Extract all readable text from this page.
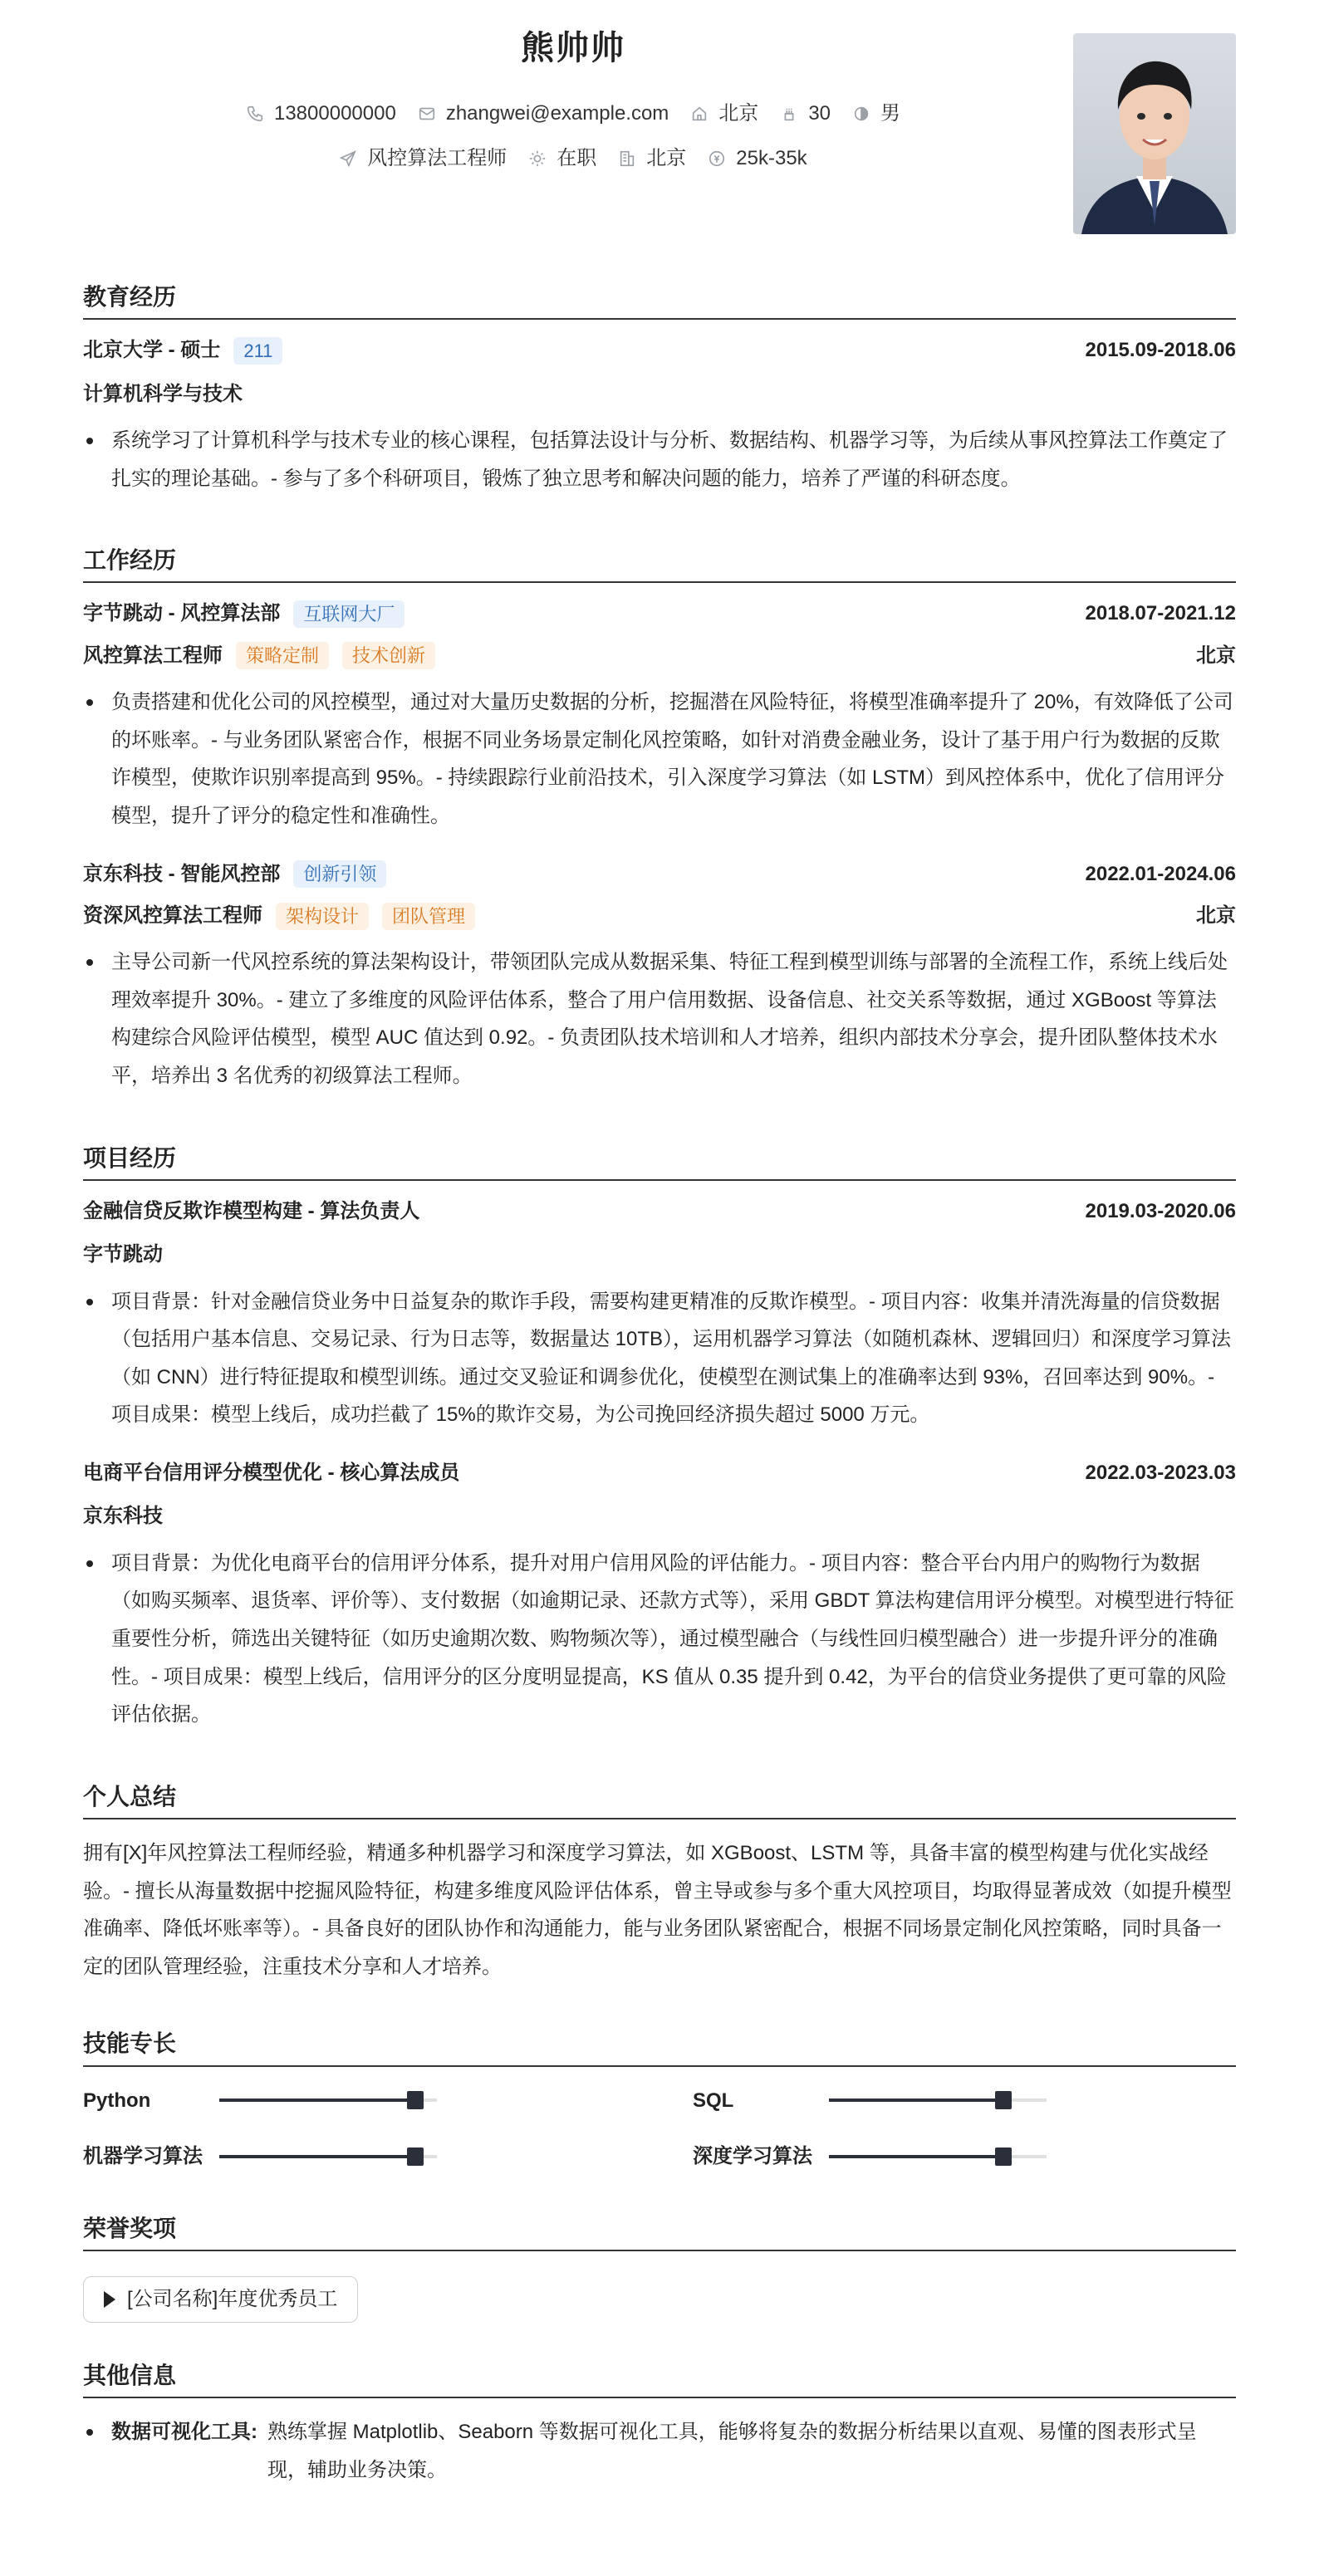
熊帅帅
13800000000	zhangwei@example.com	北京	30	男
风控算法工程师	在职	北京	25k-35k
教育经历
北京大学 - 硕士	211	2015.09-2018.06
计算机科学与技术
系统学习了计算机科学与技术专业的核心课程，包括算法设计与分析、数据结构、机器学习等，为后续从事风控算法工作奠定了扎实的理论基础。- 参与了多个科研项目，锻炼了独立思考和解决问题的能力，培养了严谨的科研态度。
工作经历
字节跳动 - 风控算法部	互联网大厂	2018.07-2021.12
风控算法工程师	策略定制	技术创新	北京
负责搭建和优化公司的风控模型，通过对大量历史数据的分析，挖掘潜在风险特征，将模型准确率提升了 20%，有效降低了公司的坏账率。- 与业务团队紧密合作，根据不同业务场景定制化风控策略，如针对消费金融业务，设计了基于用户行为数据的反欺诈模型，使欺诈识别率提高到 95%。- 持续跟踪行业前沿技术，引入深度学习算法（如 LSTM）到风控体系中，优化了信用评分模型，提升了评分的稳定性和准确性。
京东科技 - 智能风控部	创新引领	2022.01-2024.06
资深风控算法工程师	架构设计	团队管理	北京
主导公司新一代风控系统的算法架构设计，带领团队完成从数据采集、特征工程到模型训练与部署的全流程工作，系统上线后处理效率提升 30%。- 建立了多维度的风险评估体系，整合了用户信用数据、设备信息、社交关系等数据，通过 XGBoost 等算法构建综合风险评估模型，模型 AUC 值达到 0.92。- 负责团队技术培训和人才培养，组织内部技术分享会，提升团队整体技术水平，培养出 3 名优秀的初级算法工程师。
项目经历
金融信贷反欺诈模型构建 - 算法负责人	2019.03-2020.06
字节跳动
项目背景：针对金融信贷业务中日益复杂的欺诈手段，需要构建更精准的反欺诈模型。- 项目内容：收集并清洗海量的信贷数据（包括用户基本信息、交易记录、行为日志等，数据量达 10TB），运用机器学习算法（如随机森林、逻辑回归）和深度学习算法（如 CNN）进行特征提取和模型训练。通过交叉验证和调参优化，使模型在测试集上的准确率达到 93%，召回率达到 90%。- 项目成果：模型上线后，成功拦截了 15%的欺诈交易，为公司挽回经济损失超过 5000 万元。
电商平台信用评分模型优化 - 核心算法成员	2022.03-2023.03
京东科技
项目背景：为优化电商平台的信用评分体系，提升对用户信用风险的评估能力。- 项目内容：整合平台内用户的购物行为数据（如购买频率、退货率、评价等）、支付数据（如逾期记录、还款方式等），采用 GBDT 算法构建信用评分模型。对模型进行特征重要性分析，筛选出关键特征（如历史逾期次数、购物频次等），通过模型融合（与线性回归模型融合）进一步提升评分的准确性。- 项目成果：模型上线后，信用评分的区分度明显提高，KS 值从 0.35 提升到 0.42，为平台的信贷业务提供了更可靠的风险评估依据。
个人总结
拥有[X]年风控算法工程师经验，精通多种机器学习和深度学习算法，如 XGBoost、LSTM 等，具备丰富的模型构建与优化实战经验。- 擅长从海量数据中挖掘风险特征，构建多维度风险评估体系，曾主导或参与多个重大风控项目，均取得显著成效（如提升模型准确率、降低坏账率等）。- 具备良好的团队协作和沟通能力，能与业务团队紧密配合，根据不同场景定制化风控策略，同时具备一定的团队管理经验，注重技术分享和人才培养。
技能专长
Python	SQL
机器学习算法	深度学习算法
荣誉奖项
[公司名称]年度优秀员工
其他信息
数据可视化工具: 熟练掌握 Matplotlib、Seaborn 等数据可视化工具，能够将复杂的数据分析结果以直观、易懂的图表形式呈现，辅助业务决策。
